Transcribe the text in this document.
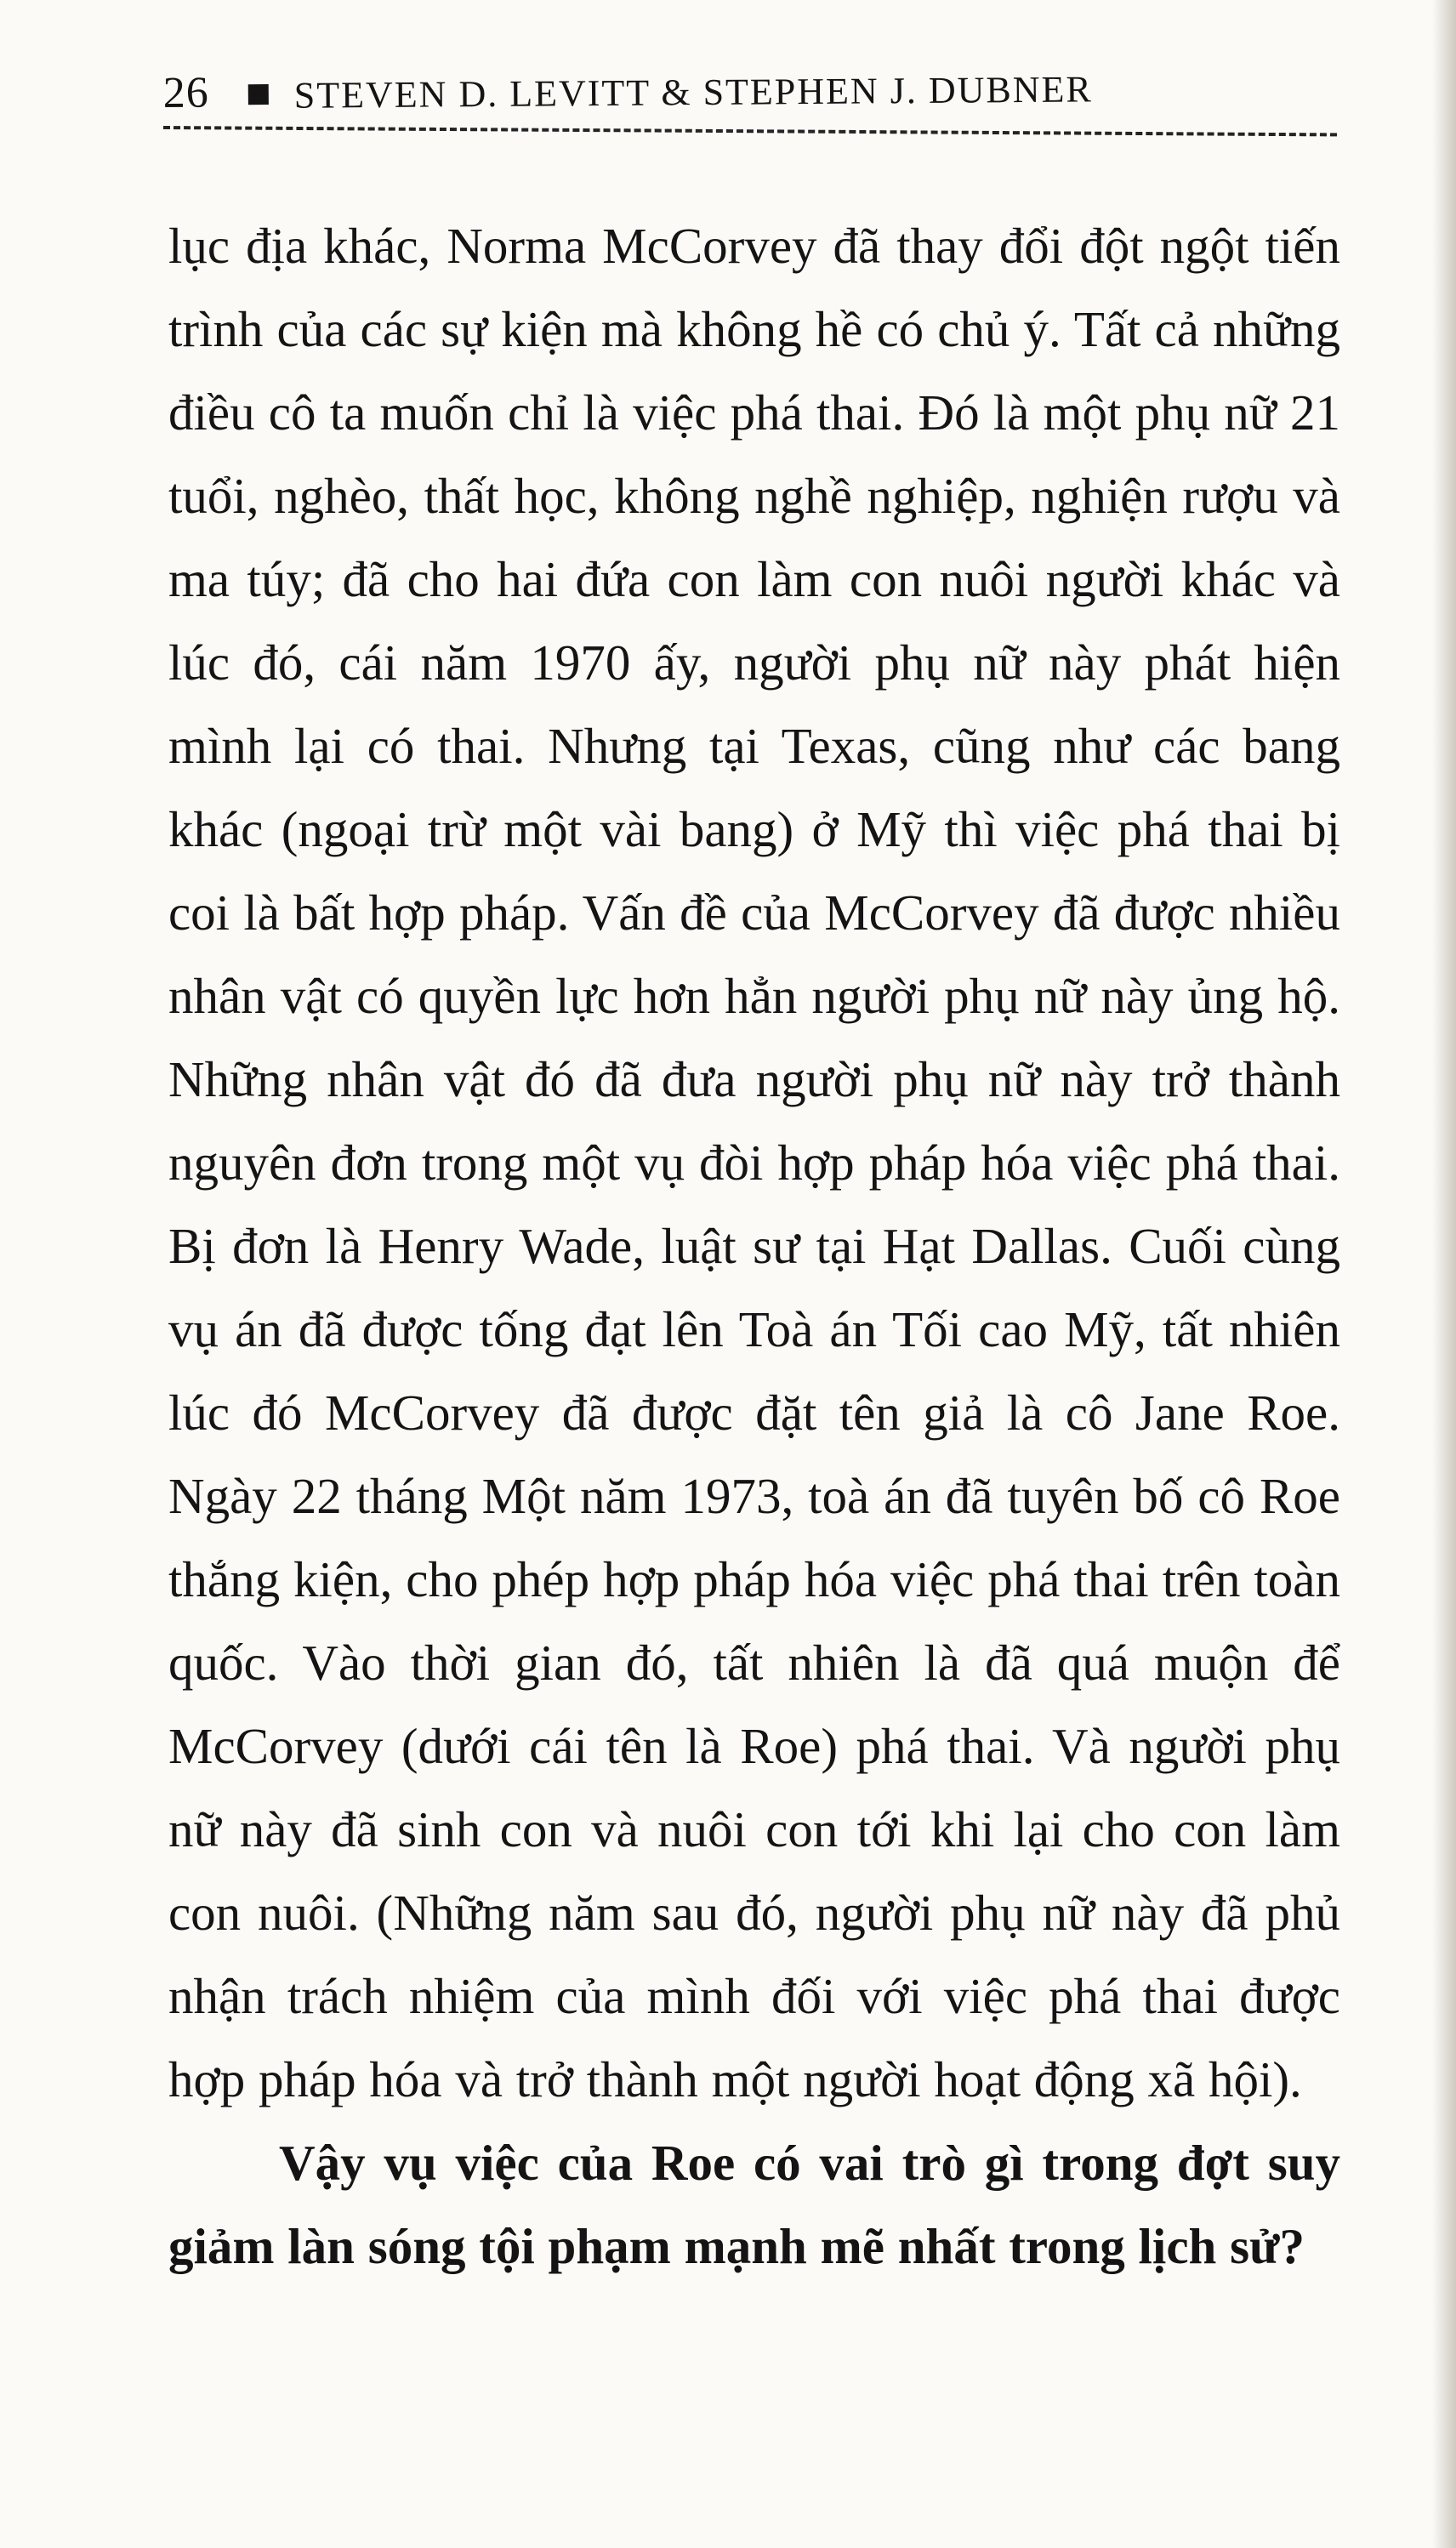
26 STEVEN D. LEVITT & STEPHEN J. DUBNER

lục địa khác, Norma McCorvey đã thay đổi đột ngột tiến trình của các sự kiện mà không hề có chủ ý. Tất cả những điều cô ta muốn chỉ là việc phá thai. Đó là một phụ nữ 21 tuổi, nghèo, thất học, không nghề nghiệp, nghiện rượu và ma túy; đã cho hai đứa con làm con nuôi người khác và lúc đó, cái năm 1970 ấy, người phụ nữ này phát hiện mình lại có thai. Nhưng tại Texas, cũng như các bang khác (ngoại trừ một vài bang) ở Mỹ thì việc phá thai bị coi là bất hợp pháp. Vấn đề của McCorvey đã được nhiều nhân vật có quyền lực hơn hẳn người phụ nữ này ủng hộ. Những nhân vật đó đã đưa người phụ nữ này trở thành nguyên đơn trong một vụ đòi hợp pháp hóa việc phá thai. Bị đơn là Henry Wade, luật sư tại Hạt Dallas. Cuối cùng vụ án đã được tống đạt lên Toà án Tối cao Mỹ, tất nhiên lúc đó McCorvey đã được đặt tên giả là cô Jane Roe. Ngày 22 tháng Một năm 1973, toà án đã tuyên bố cô Roe thắng kiện, cho phép hợp pháp hóa việc phá thai trên toàn quốc. Vào thời gian đó, tất nhiên là đã quá muộn để McCorvey (dưới cái tên là Roe) phá thai. Và người phụ nữ này đã sinh con và nuôi con tới khi lại cho con làm con nuôi. (Những năm sau đó, người phụ nữ này đã phủ nhận trách nhiệm của mình đối với việc phá thai được hợp pháp hóa và trở thành một người hoạt động xã hội).

Vậy vụ việc của Roe có vai trò gì trong đợt suy giảm làn sóng tội phạm mạnh mẽ nhất trong lịch sử?
